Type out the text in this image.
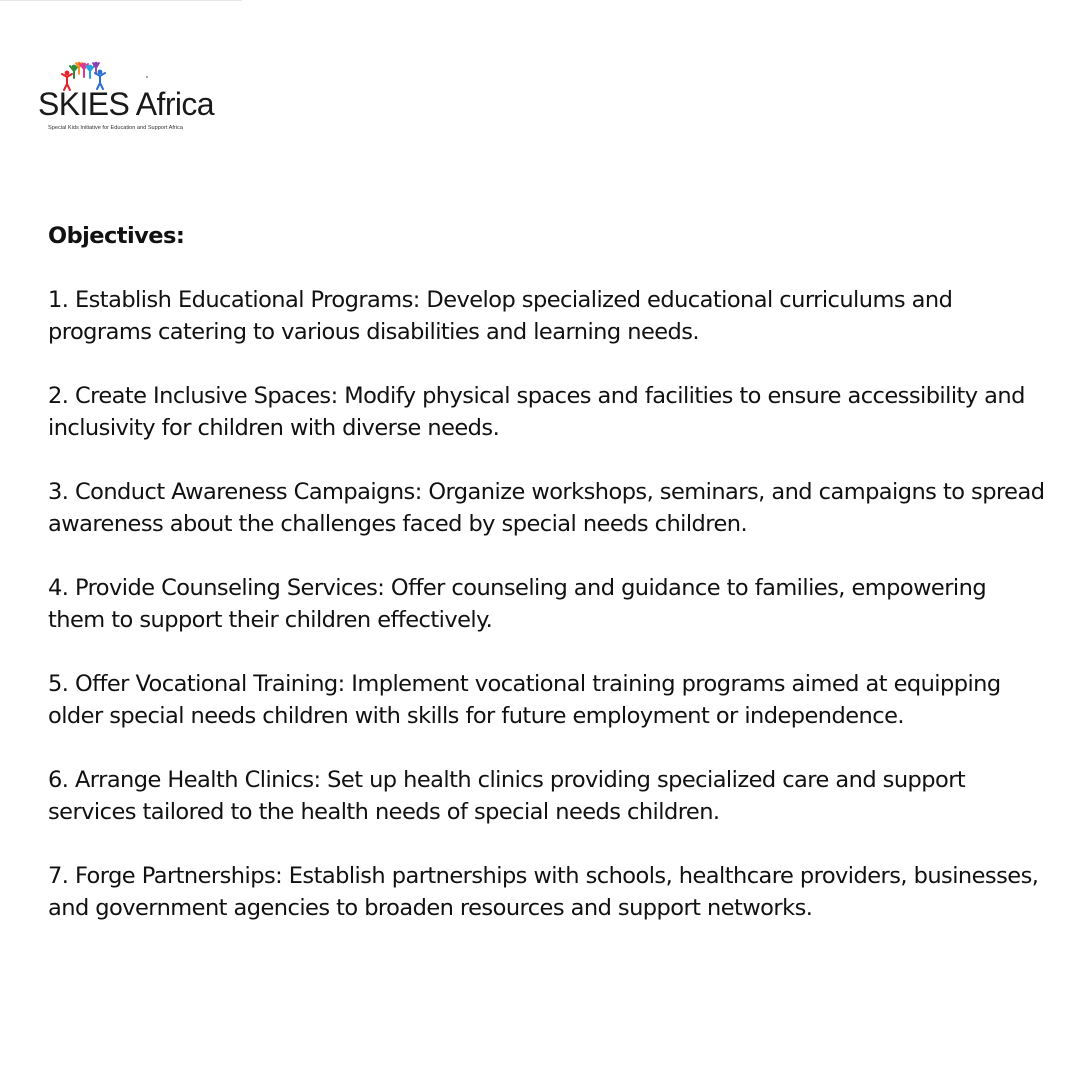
SKIES Africa
Special Kids Initiative for Education and Support Africa

Objectives:

1. Establish Educational Programs: Develop specialized educational curriculums and programs catering to various disabilities and learning needs.

2. Create Inclusive Spaces: Modify physical spaces and facilities to ensure accessibility and inclusivity for children with diverse needs.

3. Conduct Awareness Campaigns: Organize workshops, seminars, and campaigns to spread awareness about the challenges faced by special needs children.

4. Provide Counseling Services: Offer counseling and guidance to families, empowering them to support their children effectively.

5. Offer Vocational Training: Implement vocational training programs aimed at equipping older special needs children with skills for future employment or independence.

6. Arrange Health Clinics: Set up health clinics providing specialized care and support services tailored to the health needs of special needs children.

7. Forge Partnerships: Establish partnerships with schools, healthcare providers, businesses, and government agencies to broaden resources and support networks.
